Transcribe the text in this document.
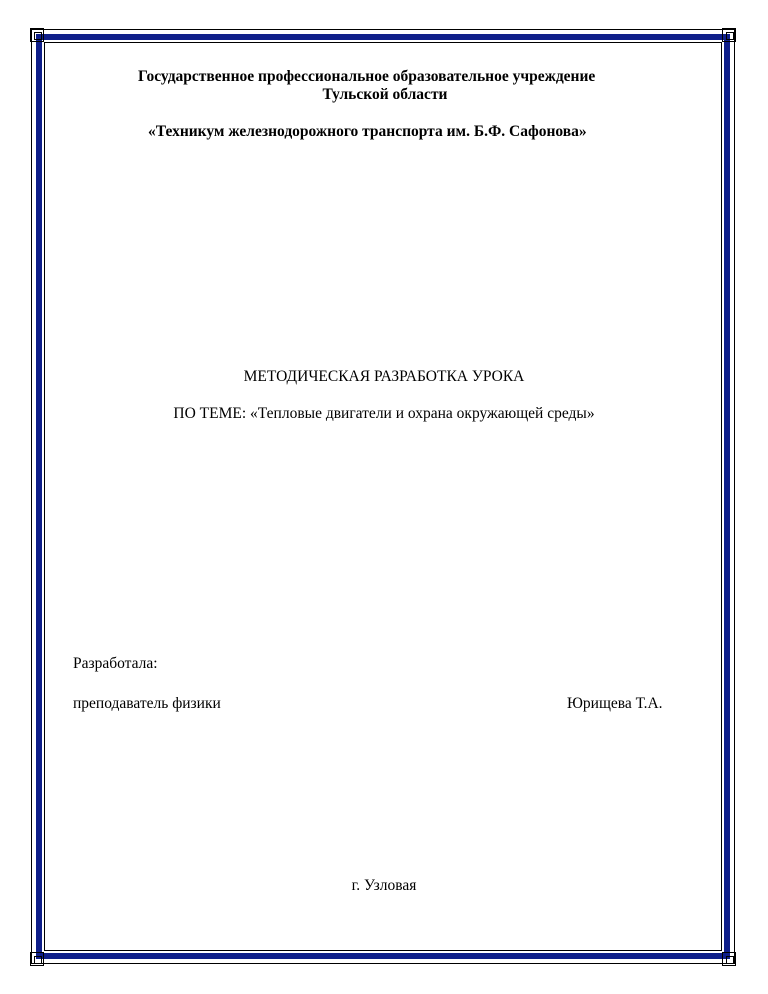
Государственное профессиональное образовательное учреждение

Тульской области

«Техникум железнодорожного транспорта им. Б.Ф. Сафонова»

МЕТОДИЧЕСКАЯ РАЗРАБОТКА УРОКА

ПО ТЕМЕ: «Тепловые двигатели и охрана окружающей среды»

Разработала:

преподаватель физики	Юрищева Т.А.

г. Узловая
